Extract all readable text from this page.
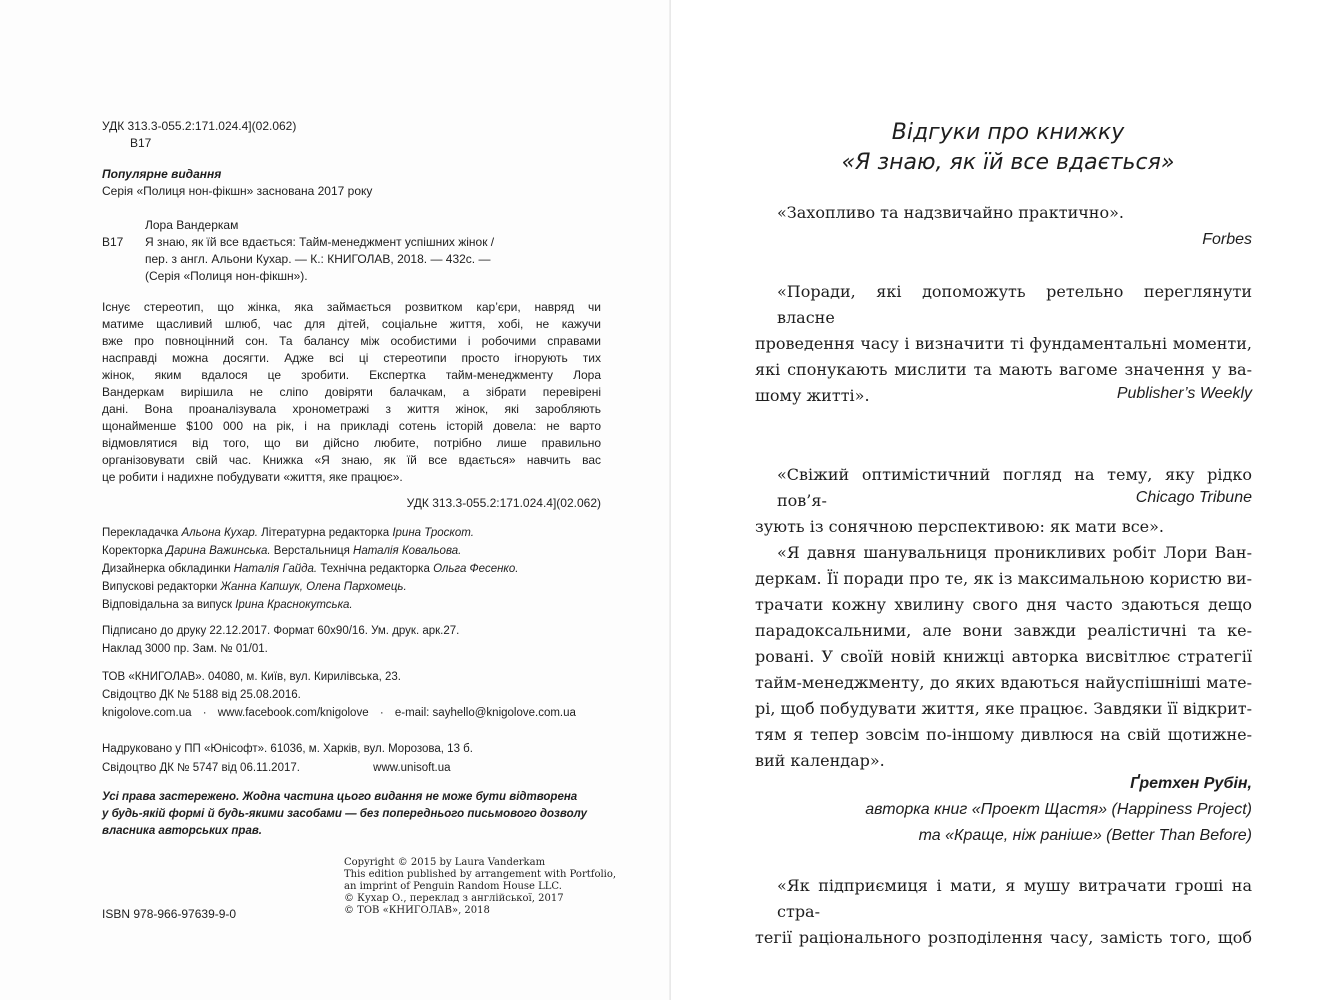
УДК 313.3-055.2:171.024.4](02.062)
В17
Популярне видання
Серія «Полиця нон-фікшн» заснована 2017 року
Лора Вандеркам
В17	Я знаю, як їй все вдається: Тайм-менеджмент успішних жінок /
пер. з англ. Альони Кухар. — К.: КНИГОЛАВ, 2018. — 432с. —
(Серія «Полиця нон-фікшн»).
Існує стереотип, що жінка, яка займається розвитком кар’єри, навряд чи
матиме щасливий шлюб, час для дітей, соціальне життя, хобі, не кажучи
вже про повноцінний сон. Та балансу між особистими і робочими справами
насправді можна досягти. Адже всі ці стереотипи просто ігнорують тих
жінок, яким вдалося це зробити. Експертка тайм-менеджменту Лора
Вандеркам вирішила не сліпо довіряти балачкам, а зібрати перевірені
дані. Вона проаналізувала хронометражі з життя жінок, які заробляють
щонайменше $100 000 на рік, і на прикладі сотень історій довела: не варто
відмовлятися від того, що ви дійсно любите, потрібно лише правильно
організовувати свій час. Книжка «Я знаю, як їй все вдається» навчить вас
це робити і надихне побудувати «життя, яке працює».
УДК 313.3-055.2:171.024.4](02.062)
Перекладачка Альона Кухар. Літературна редакторка Ірина Троскот.
Коректорка Дарина Важинська. Верстальниця Наталія Ковальова.
Дизайнерка обкладинки Наталія Гайда. Технічна редакторка Ольга Фесенко.
Випускові редакторки Жанна Капшук, Олена Пархомець.
Відповідальна за випуск Ірина Краснокутська.
Підписано до друку 22.12.2017. Формат 60х90/16. Ум. друк. арк.27.
Наклад 3000 пр. Зам. № 01/01.
ТОВ «КНИГОЛАВ». 04080, м. Київ, вул. Кирилівська, 23.
Свідоцтво ДК № 5188 від 25.08.2016.
knigolove.com.ua · www.facebook.com/knigolove · e-mail: sayhello@knigolove.com.ua
Надруковано у ПП «Юнісофт». 61036, м. Харків, вул. Морозова, 13 б.
Свідоцтво ДК № 5747 від 06.11.2017.	www.unisoft.ua
Усі права застережено. Жодна частина цього видання не може бути відтворена
у будь-якій формі й будь-якими засобами — без попереднього письмового дозволу
власника авторських прав.
Copyright © 2015 by Laura Vanderkam
This edition published by arrangement with Portfolio,
an imprint of Penguin Random House LLC.
© Кухар О., переклад з англійської, 2017
© ТОВ «КНИГОЛАВ», 2018
ISBN 978-966-97639-9-0
Відгуки про книжку
«Я знаю, як їй все вдається»
«Захопливо та надзвичайно практично».
Forbes
«Поради, які допоможуть ретельно переглянути власне
проведення часу і визначити ті фундаментальні моменти,
які спонукають мислити та мають вагоме значення у ва-
шому житті».	Publisher’s Weekly
«Свіжий оптимістичний погляд на тему, яку рідко пов’я-
зують із сонячною перспективою: як мати все».
Chicago Tribune
«Я давня шанувальниця проникливих робіт Лори Ван-
деркам. Її поради про те, як із максимальною користю ви-
трачати кожну хвилину свого дня часто здаються дещо
парадоксальними, але вони завжди реалістичні та ке-
ровані. У своїй новій книжці авторка висвітлює стратегії
тайм-менеджменту, до яких вдаються найуспішніші мате-
рі, щоб побудувати життя, яке працює. Завдяки її відкрит-
тям я тепер зовсім по-іншому дивлюся на свій щотижне-
вий календар».
Ґретхен Рубін,
авторка книг «Проект Щастя» (Happiness Project)
та «Краще, ніж раніше» (Better Than Before)
«Як підприємиця і мати, я мушу витрачати гроші на стра-
тегії раціонального розподілення часу, замість того, щоб
